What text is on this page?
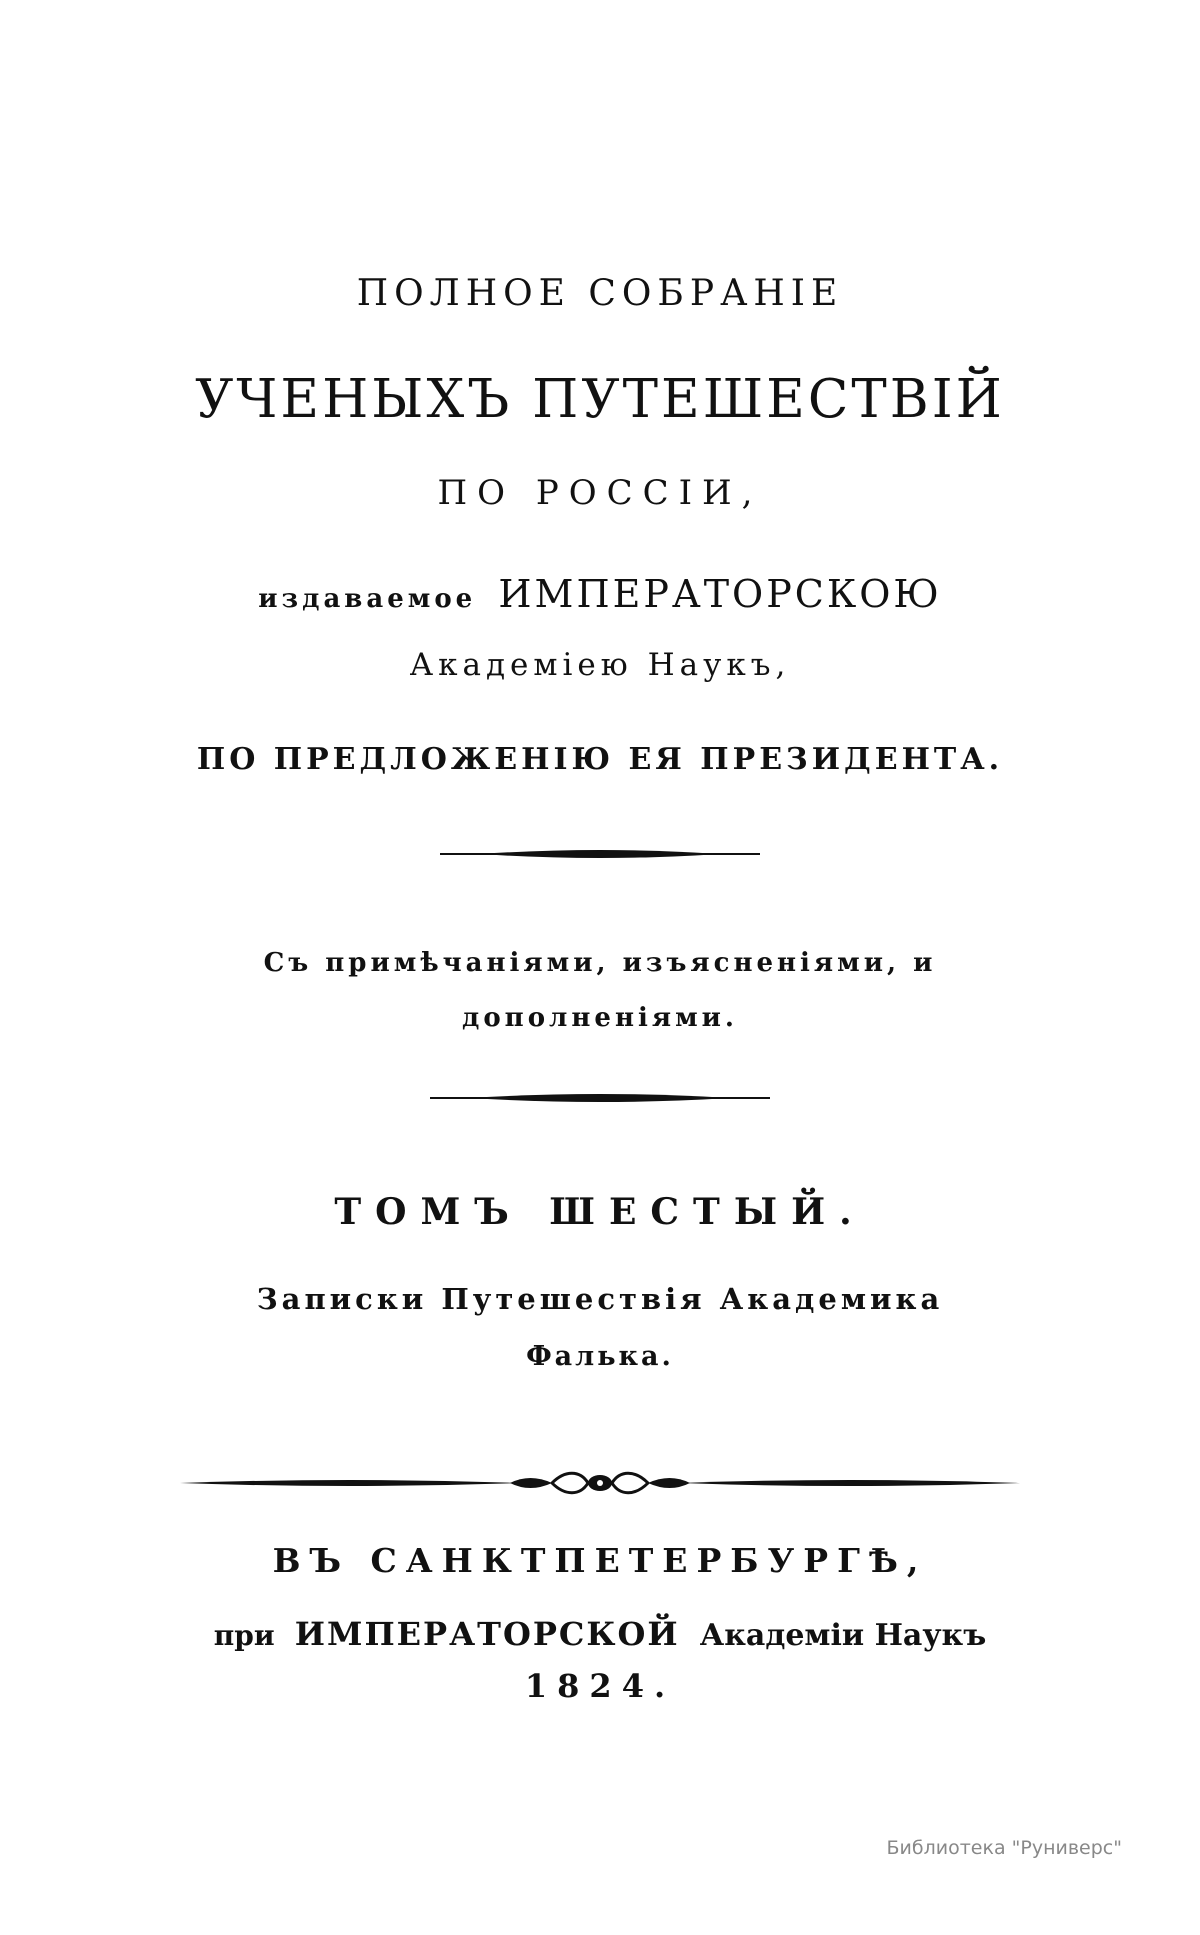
ПОЛНОЕ СОБРАНІЕ
УЧЕНЫХЪ ПУТЕШЕСТВІЙ
ПО РОССІИ,
издаваемое ИМПЕРАТОРСКОЮ
Академіею Наукъ,
ПО ПРЕДЛОЖЕНІЮ ЕЯ ПРЕЗИДЕНТА.
Съ примѣчаніями, изъясненіями, и
дополненіями.
ТОМЪ ШЕСТЫЙ.
Записки Путешествія Академика
Фалька.
ВЪ САНКТПЕТЕРБУРГѢ,
при ИМПЕРАТОРСКОЙ Академіи Наукъ
1824.
Библиотека "Руниверс"
